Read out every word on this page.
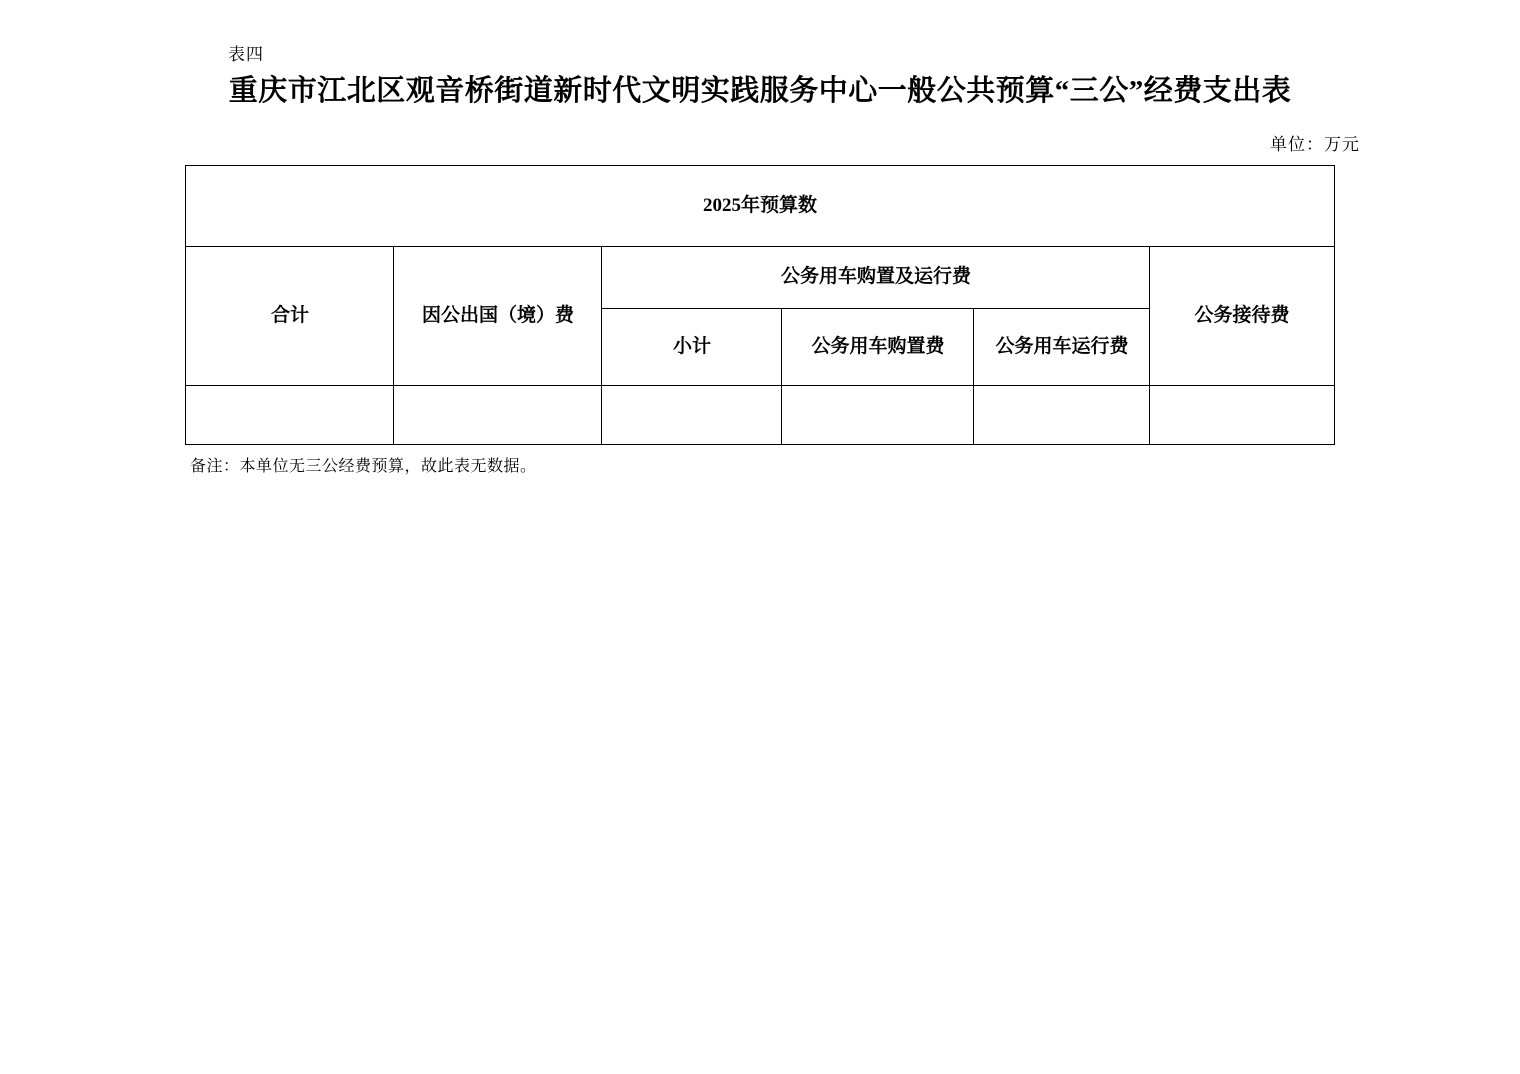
表四
重庆市江北区观音桥街道新时代文明实践服务中心一般公共预算“三公”经费支出表
单位：万元
2025年预算数					
合计	因公出国（境）费	公务用车购置及运行费			公务接待费
		小计	公务用车购置费	公务用车运行费	

备注：本单位无三公经费预算，故此表无数据。
